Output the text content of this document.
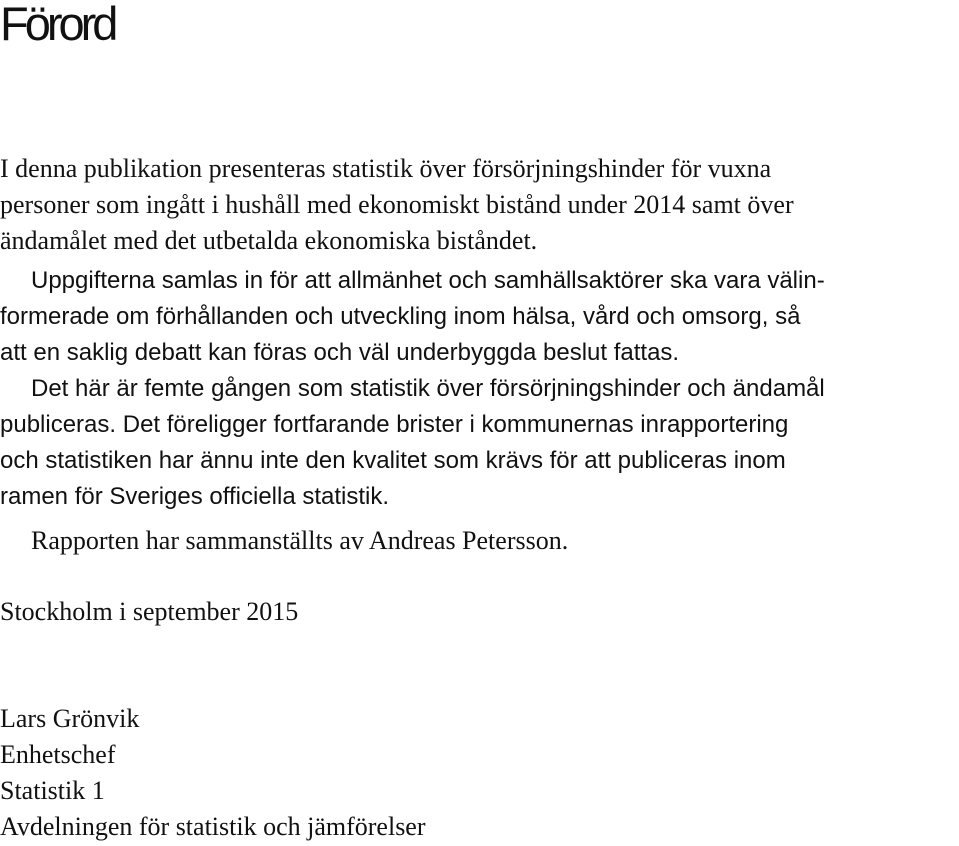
Förord
I denna publikation presenteras statistik över försörjningshinder för vuxna
personer som ingått i hushåll med ekonomiskt bistånd under 2014 samt över
ändamålet med det utbetalda ekonomiska biståndet.
Uppgifterna samlas in för att allmänhet och samhällsaktörer ska vara välin-
formerade om förhållanden och utveckling inom hälsa, vård och omsorg, så
att en saklig debatt kan föras och väl underbyggda beslut fattas.
Det här är femte gången som statistik över försörjningshinder och ändamål
publiceras. Det föreligger fortfarande brister i kommunernas inrapportering
och statistiken har ännu inte den kvalitet som krävs för att publiceras inom
ramen för Sveriges officiella statistik.
Rapporten har sammanställts av Andreas Petersson.
Stockholm i september 2015
Lars Grönvik
Enhetschef
Statistik 1
Avdelningen för statistik och jämförelser
